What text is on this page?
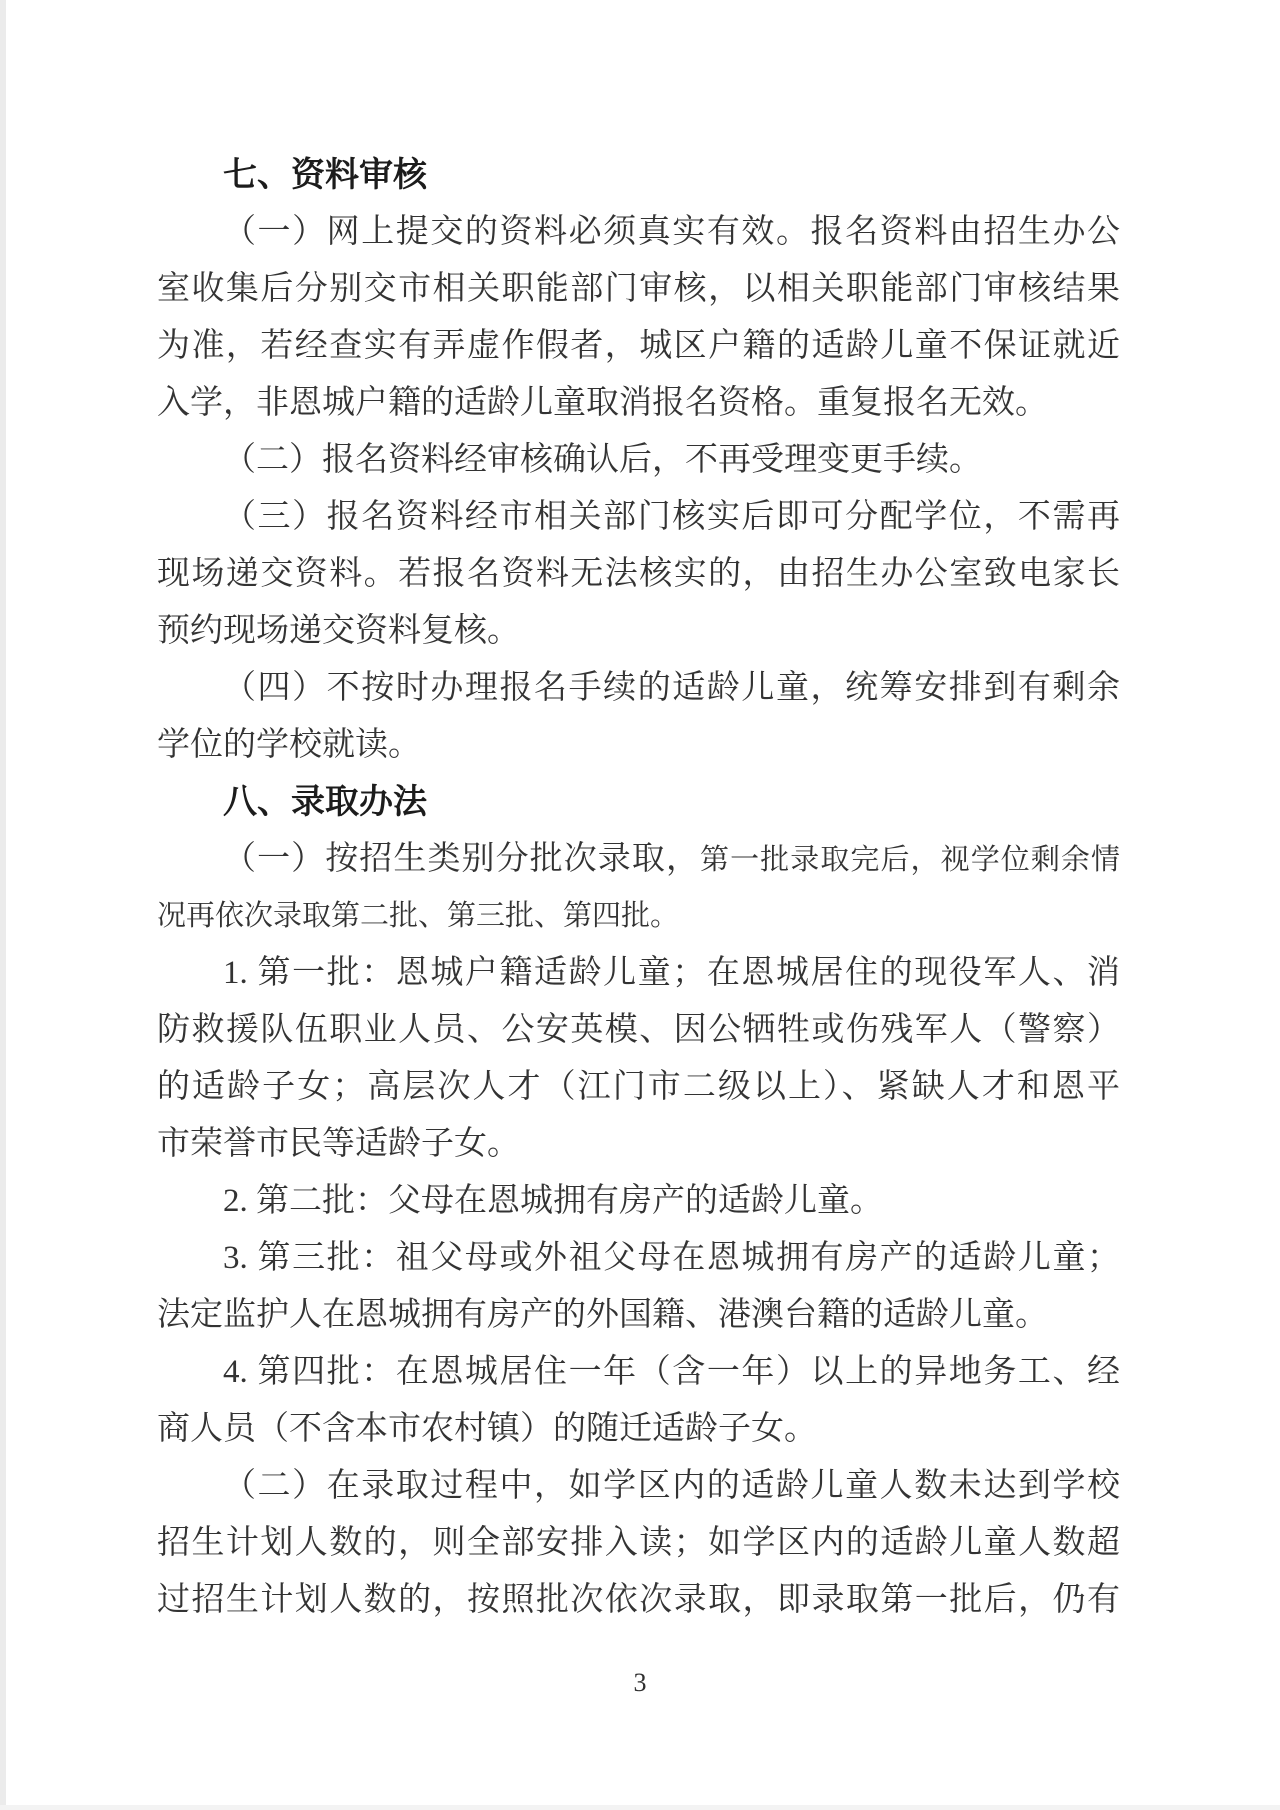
七、资料审核
（一）网上提交的资料必须真实有效。报名资料由招生办公
室收集后分别交市相关职能部门审核，以相关职能部门审核结果
为准，若经查实有弄虚作假者，城区户籍的适龄儿童不保证就近
入学，非恩城户籍的适龄儿童取消报名资格。重复报名无效。
（二）报名资料经审核确认后，不再受理变更手续。
（三）报名资料经市相关部门核实后即可分配学位，不需再
现场递交资料。若报名资料无法核实的，由招生办公室致电家长
预约现场递交资料复核。
（四）不按时办理报名手续的适龄儿童，统筹安排到有剩余
学位的学校就读。
八、录取办法
（一）按招生类别分批次录取，第一批录取完后，视学位剩余情
况再依次录取第二批、第三批、第四批。
1. 第一批：恩城户籍适龄儿童；在恩城居住的现役军人、消
防救援队伍职业人员、公安英模、因公牺牲或伤残军人（警察）
的适龄子女；高层次人才（江门市二级以上）、紧缺人才和恩平
市荣誉市民等适龄子女。
2. 第二批：父母在恩城拥有房产的适龄儿童。
3. 第三批：祖父母或外祖父母在恩城拥有房产的适龄儿童；
法定监护人在恩城拥有房产的外国籍、港澳台籍的适龄儿童。
4. 第四批：在恩城居住一年（含一年）以上的异地务工、经
商人员（不含本市农村镇）的随迁适龄子女。
（二）在录取过程中，如学区内的适龄儿童人数未达到学校
招生计划人数的，则全部安排入读；如学区内的适龄儿童人数超
过招生计划人数的，按照批次依次录取，即录取第一批后，仍有
3
